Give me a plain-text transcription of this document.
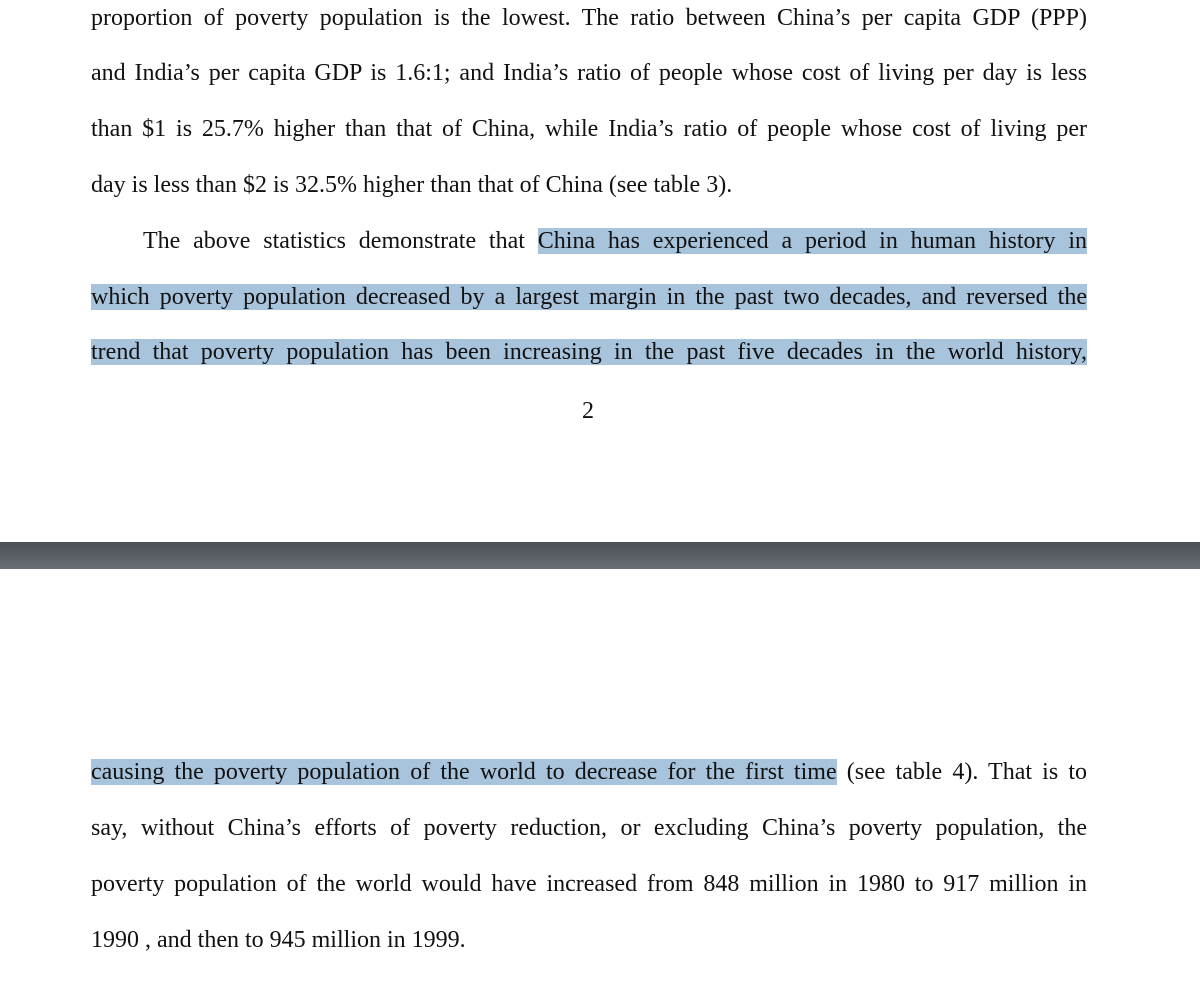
proportion of poverty population is the lowest. The ratio between China’s per capita GDP (PPP)
and India’s per capita GDP is 1.6:1; and India’s ratio of people whose cost of living per day is less
than $1 is 25.7% higher than that of China, while India’s ratio of people whose cost of living per
day is less than $2 is 32.5% higher than that of China (see table 3).
The above statistics demonstrate that China has experienced a period in human history in
which poverty population decreased by a largest margin in the past two decades, and reversed the
trend that poverty population has been increasing in the past five decades in the world history,
2
causing the poverty population of the world to decrease for the first time (see table 4). That is to
say, without China’s efforts of poverty reduction, or excluding China’s poverty population, the
poverty population of the world would have increased from 848 million in 1980 to 917 million in
1990 , and then to 945 million in 1999.
